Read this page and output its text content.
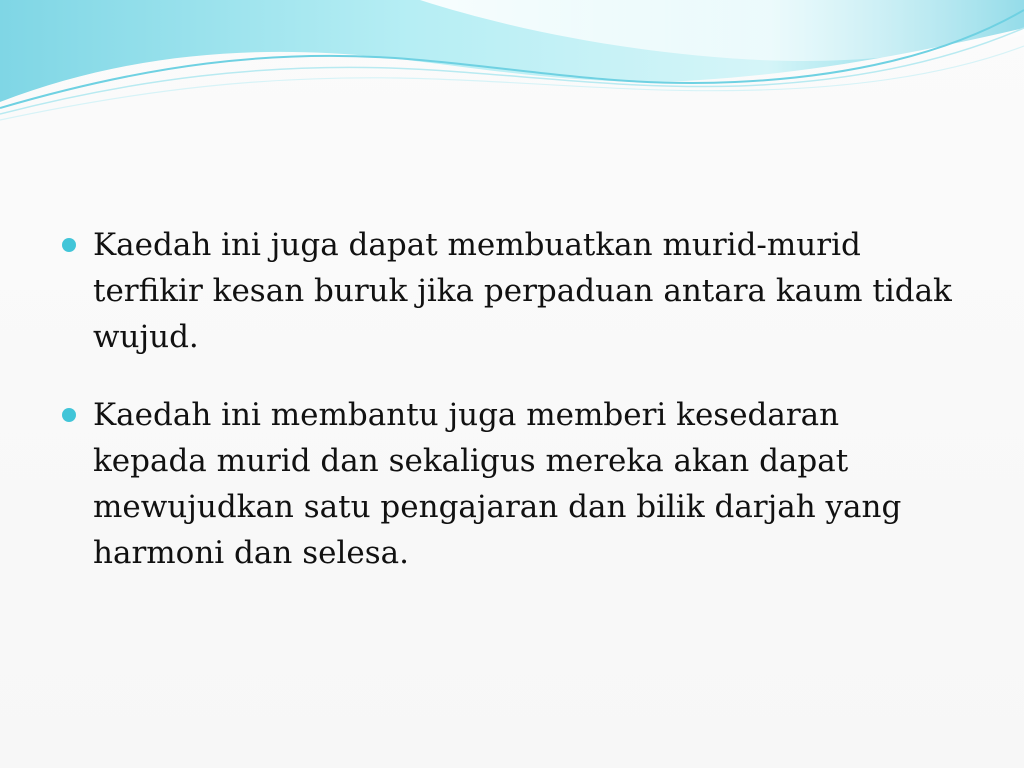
Kaedah ini juga dapat membuatkan murid-murid terfikir kesan buruk jika perpaduan antara kaum tidak wujud.
Kaedah ini membantu juga memberi kesedaran kepada murid dan sekaligus mereka akan dapat mewujudkan satu pengajaran dan bilik darjah yang harmoni dan selesa.
